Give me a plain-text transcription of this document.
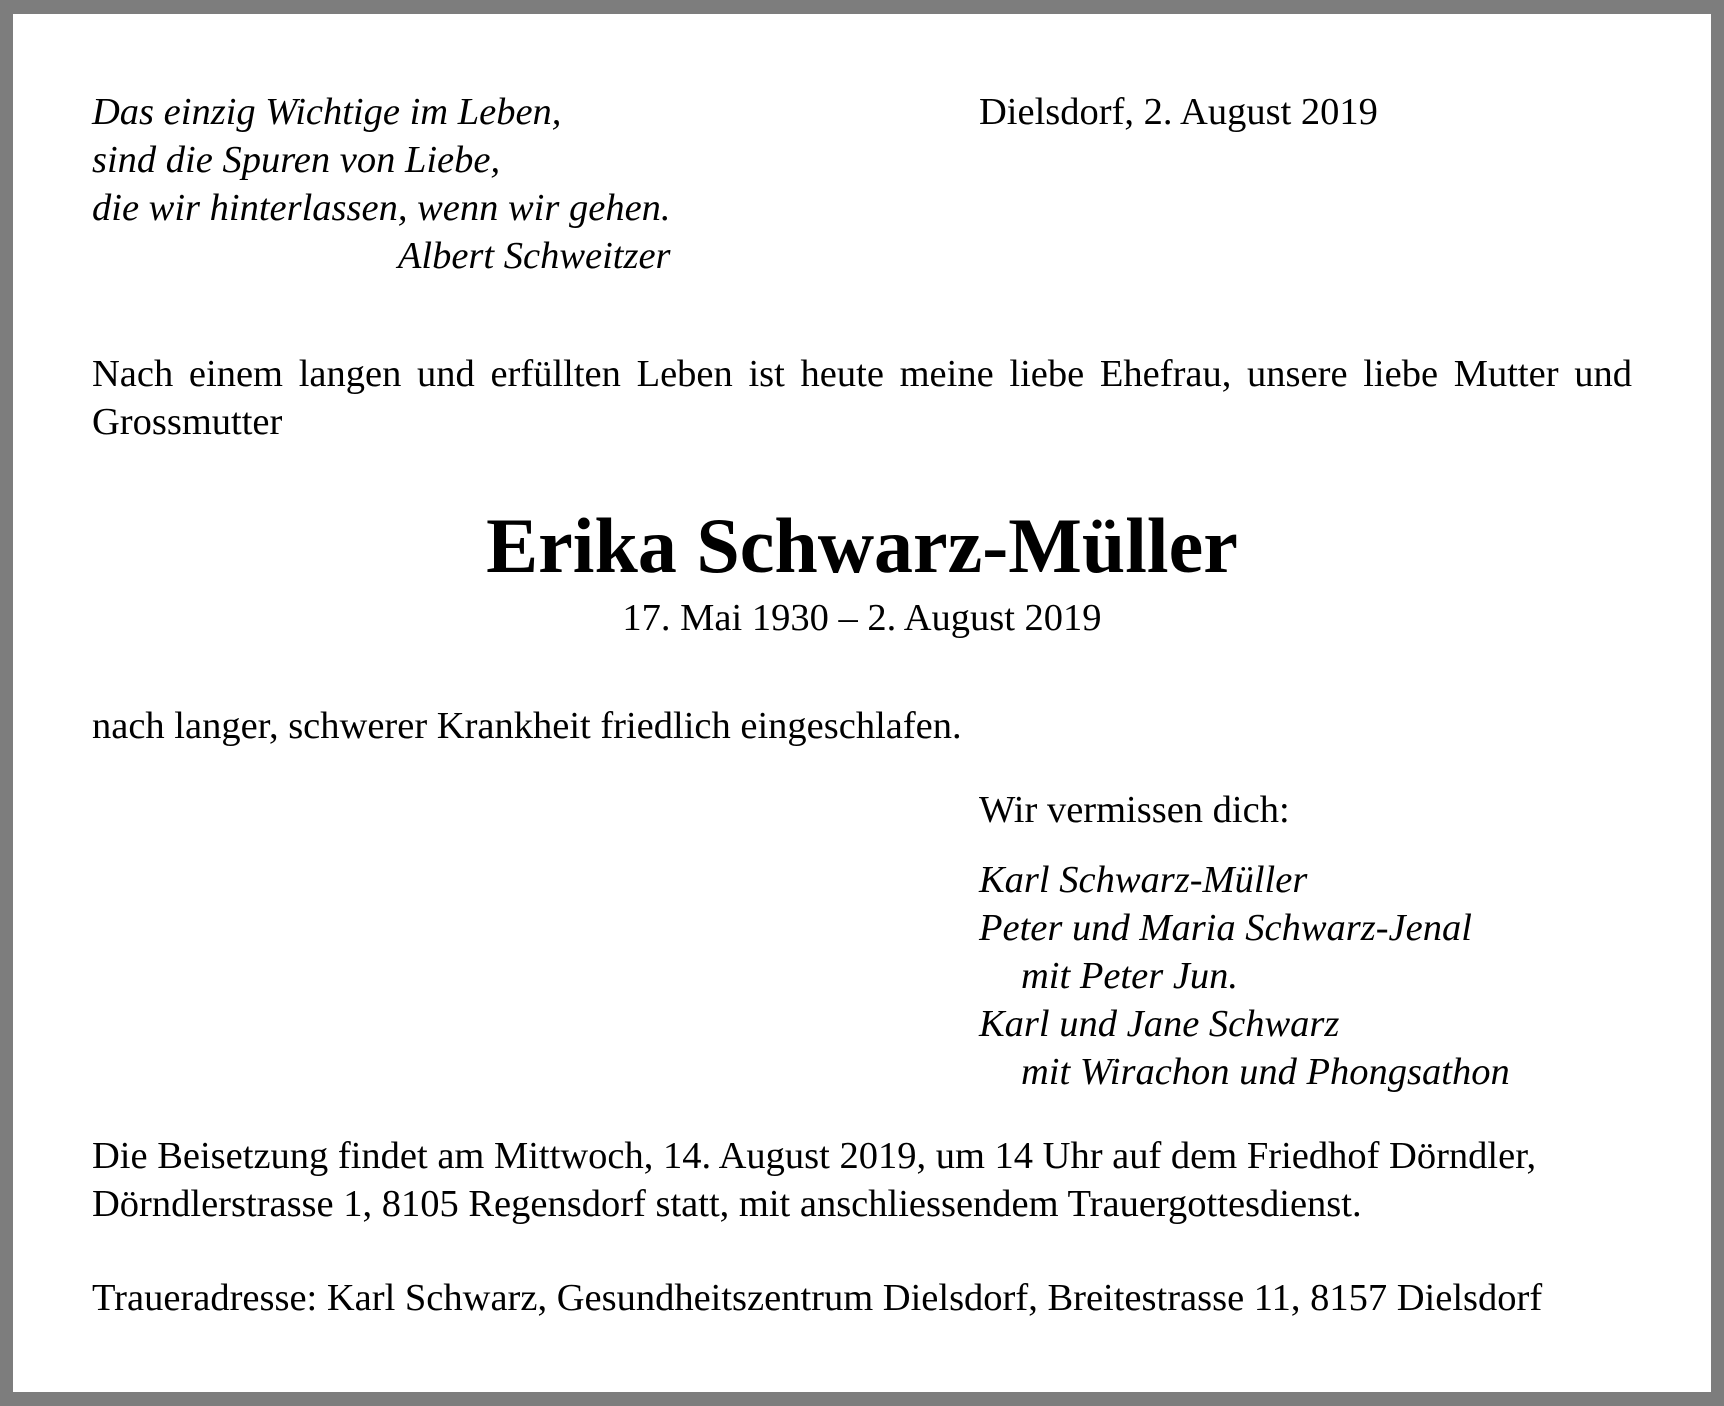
Das einzig Wichtige im Leben,
sind die Spuren von Liebe,
die wir hinterlassen, wenn wir gehen.
Albert Schweitzer
Dielsdorf, 2. August 2019

Nach einem langen und erfüllten Leben ist heute meine liebe Ehefrau, unsere liebe Mutter und Grossmutter

Erika Schwarz-Müller
17. Mai 1930 – 2. August 2019
nach langer, schwerer Krankheit friedlich eingeschlafen.
Wir vermissen dich:
Karl Schwarz-Müller
Peter und Maria Schwarz-Jenal
mit Peter Jun.
Karl und Jane Schwarz
mit Wirachon und Phongsathon
Die Beisetzung findet am Mittwoch, 14. August 2019, um 14 Uhr auf dem Friedhof Dörndler,
Dörndlerstrasse 1, 8105 Regensdorf statt, mit anschliessendem Trauergottesdienst.
Traueradresse: Karl Schwarz, Gesundheitszentrum Dielsdorf, Breitestrasse 11, 8157 Dielsdorf
